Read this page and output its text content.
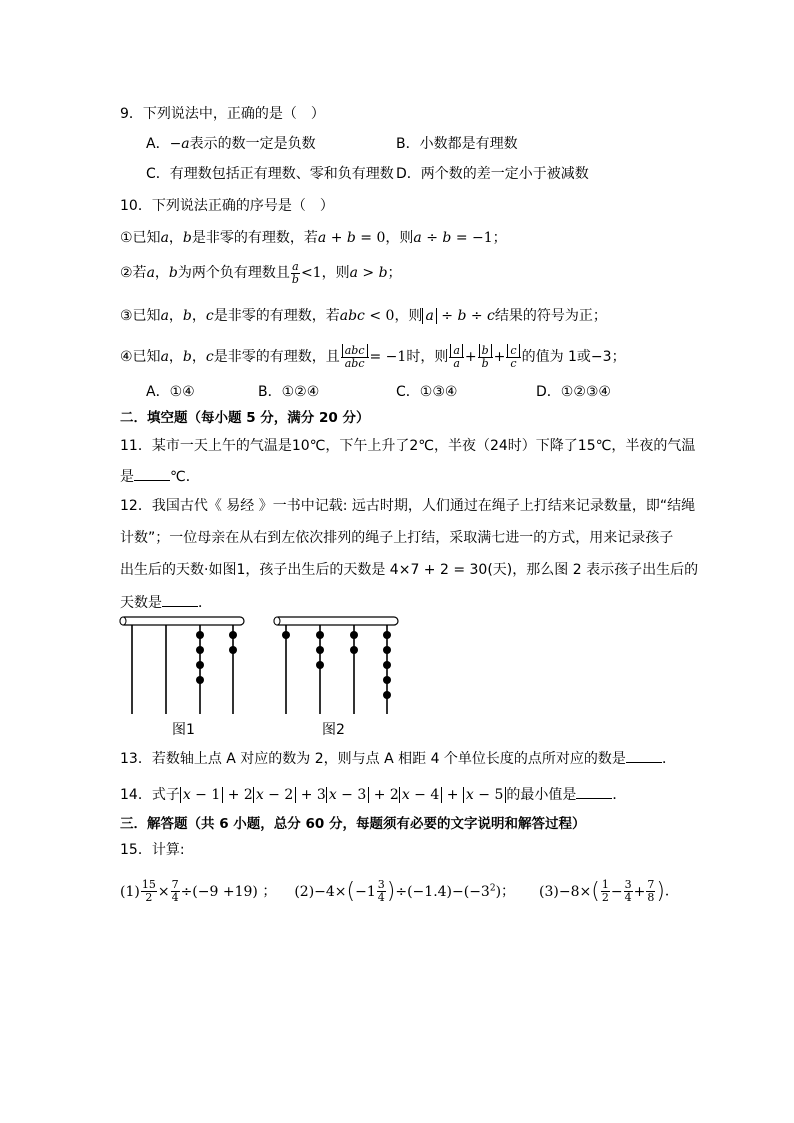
9．下列说法中，正确的是（　）
A．−a表示的数一定是负数	B．小数都是有理数
C．有理数包括正有理数、零和负有理数 D．两个数的差一定小于被减数
10．下列说法正确的序号是（　）
①已知a，b是非零的有理数，若a + b = 0，则a ÷ b = −1；
②若a，b为两个负有理数且 $\frac{a}{b} <1$，则a > b；
③已知a，b，c是非零的有理数，若abc < 0，则 a ÷ b ÷ c结果的符号为正；
④已知a，b，c是非零的有理数，且 $\frac{\text{abc}}{\text{abc}} = -1$时，则 $\frac{a}{a} + \frac{b}{b} + \frac{c}{c}$ 的值为 1或−3；
A．①④	B．①②④	C．①③④	D．①②③④
二．填空题（每小题 5 分，满分 20 分）
11．某市一天上午的气温是10℃，下午上升了2℃，半夜（24时）下降了15℃，半夜的气温
是	℃．
12．我国古代《 易经 》一书中记载: 远古时期，人们通过在绳子上打结来记录数量，即“结绳
计数”；一位母亲在从右到左依次排列的绳子上打结，采取满七进一的方式，用来记录孩子
出生后的天数·如图1，孩子出生后的天数是 4×7 + 2 = 30(天)，那么图 2 表示孩子出生后的
天数是	．
图1	图2
13．若数轴上点 A 对应的数为 2，则与点 A 相距 4 个单位长度的点所对应的数是	．
14．式子 x − 1 + 2 x − 2 + 3 x − 3 + 2 x − 4 + x − 5 的最小值是	．
三．解答题（共 6 小题，总分 60 分，每题须有必要的文字说明和解答过程）
15．计算:
$(1) \frac{15}{2} \times \frac{7}{4} \div(-9 +19)$ ； $(2)-4\times(-1 \frac{3}{4} )\div(-1.4)-(-3^2)$； $(3)-8\times( \frac{1}{2} - \frac{3}{4} + \frac{7}{8}$ )．
